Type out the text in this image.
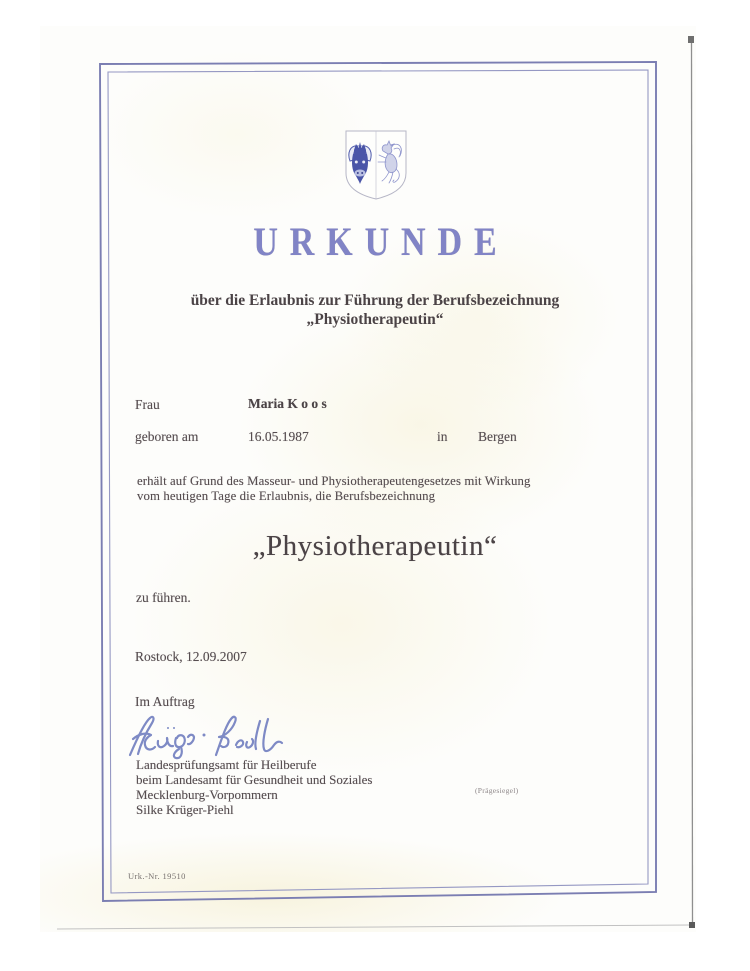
URKUNDE
über die Erlaubnis zur Führung der Berufsbezeichnung
„Physiotherapeutin“
Frau	Maria K o o s
geboren am	16.05.1987	in Bergen
erhält auf Grund des Masseur- und Physiotherapeutengesetzes mit Wirkung
vom heutigen Tage die Erlaubnis, die Berufsbezeichnung
„Physiotherapeutin“
zu führen.
Rostock, 12.09.2007
Im Auftrag
Landesprüfungsamt für Heilberufe
beim Landesamt für Gesundheit und Soziales
Mecklenburg-Vorpommern
Silke Krüger-Piehl
(Prägesiegel)
Urk.-Nr. 19510
